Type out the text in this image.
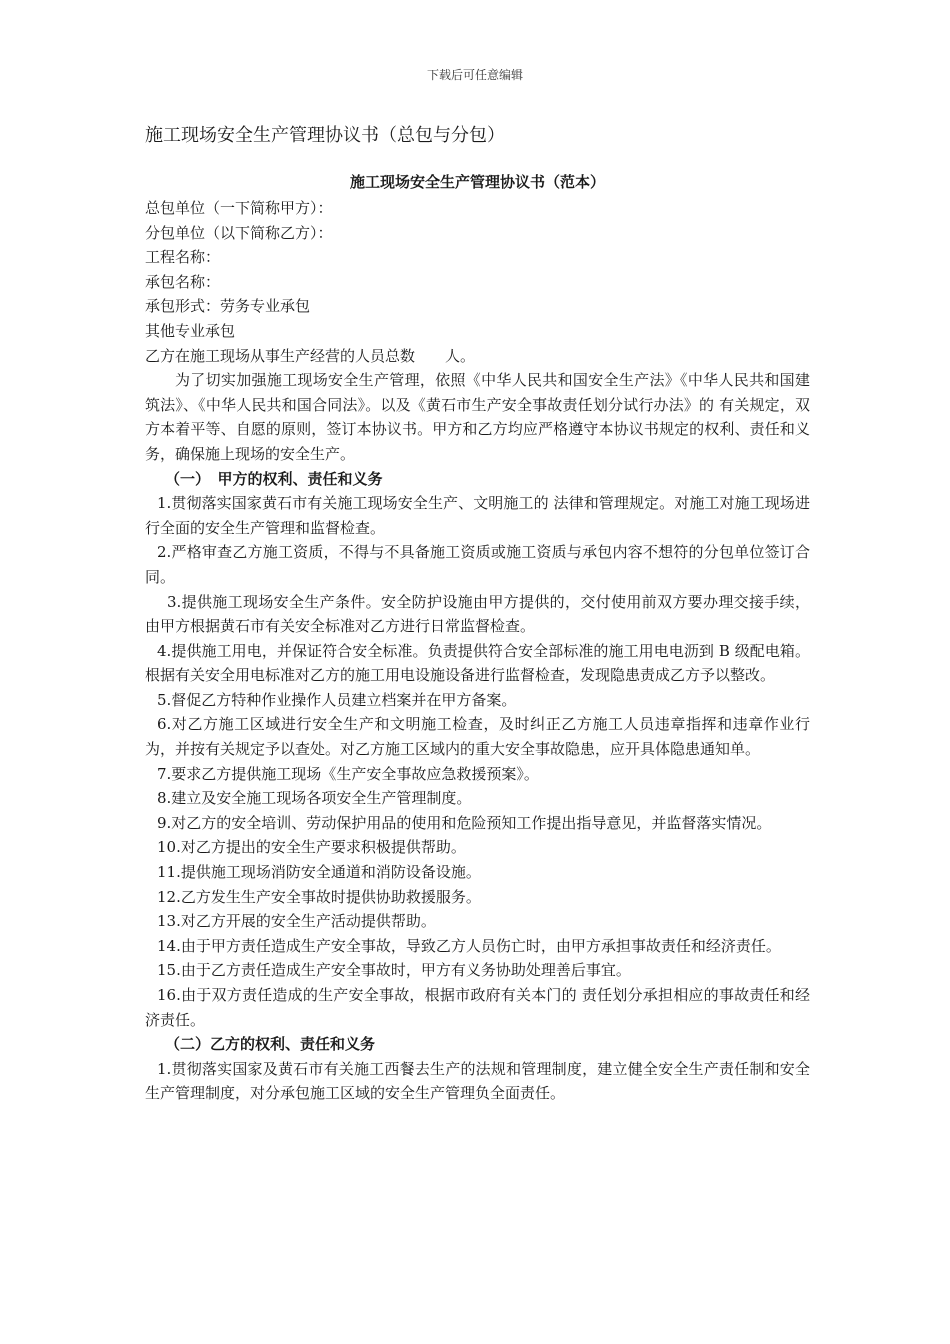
下载后可任意编辑
施工现场安全生产管理协议书（总包与分包）
施工现场安全生产管理协议书（范本）

总包单位（一下简称甲方）：

分包单位（以下简称乙方）：

工程名称：

承包名称：

承包形式：劳务专业承包

其他专业承包

乙方在施工现场从事生产经营的人员总数　　人。

为了切实加强施工现场安全生产管理，依照《中华人民共和国安全生产法》《中华人民共和国建筑法》、《中华人民共和国合同法》。以及《黄石市生产安全事故责任划分试行办法》的 有关规定，双方本着平等、自愿的原则，签订本协议书。甲方和乙方均应严格遵守本协议书规定的权利、责任和义务，确保施上现场的安全生产。

（一）　甲方的权利、责任和义务

1.贯彻落实国家黄石市有关施工现场安全生产、文明施工的 法律和管理规定。对施工对施工现场进行全面的安全生产管理和监督检查。

2.严格审查乙方施工资质，不得与不具备施工资质或施工资质与承包内容不想符的分包单位签订合同。

3.提供施工现场安全生产条件。安全防护设施由甲方提供的，交付使用前双方要办理交接手续，由甲方根据黄石市有关安全标准对乙方进行日常监督检查。

4.提供施工用电，并保证符合安全标准。负责提供符合安全部标准的施工用电电沥到 B 级配电箱。根据有关安全用电标准对乙方的施工用电设施设备进行监督检查，发现隐患责成乙方予以整改。

5.督促乙方特种作业操作人员建立档案并在甲方备案。

6.对乙方施工区域进行安全生产和文明施工检查，及时纠正乙方施工人员违章指挥和违章作业行为，并按有关规定予以查处。对乙方施工区域内的重大安全事故隐患，应开具体隐患通知单。

7.要求乙方提供施工现场《生产安全事故应急救援预案》。

8.建立及安全施工现场各项安全生产管理制度。

9.对乙方的安全培训、劳动保护用品的使用和危险预知工作提出指导意见，并监督落实情况。

10.对乙方提出的安全生产要求积极提供帮助。

11.提供施工现场消防安全通道和消防设备设施。

12.乙方发生生产安全事故时提供协助救援服务。

13.对乙方开展的安全生产活动提供帮助。

14.由于甲方责任造成生产安全事故，导致乙方人员伤亡时，由甲方承担事故责任和经济责任。

15.由于乙方责任造成生产安全事故时，甲方有义务协助处理善后事宜。

16.由于双方责任造成的生产安全事故，根据市政府有关本门的 责任划分承担相应的事故责任和经济责任。

（二）乙方的权利、责任和义务

1.贯彻落实国家及黄石市有关施工西餐去生产的法规和管理制度，建立健全安全生产责任制和安全生产管理制度，对分承包施工区域的安全生产管理负全面责任。
